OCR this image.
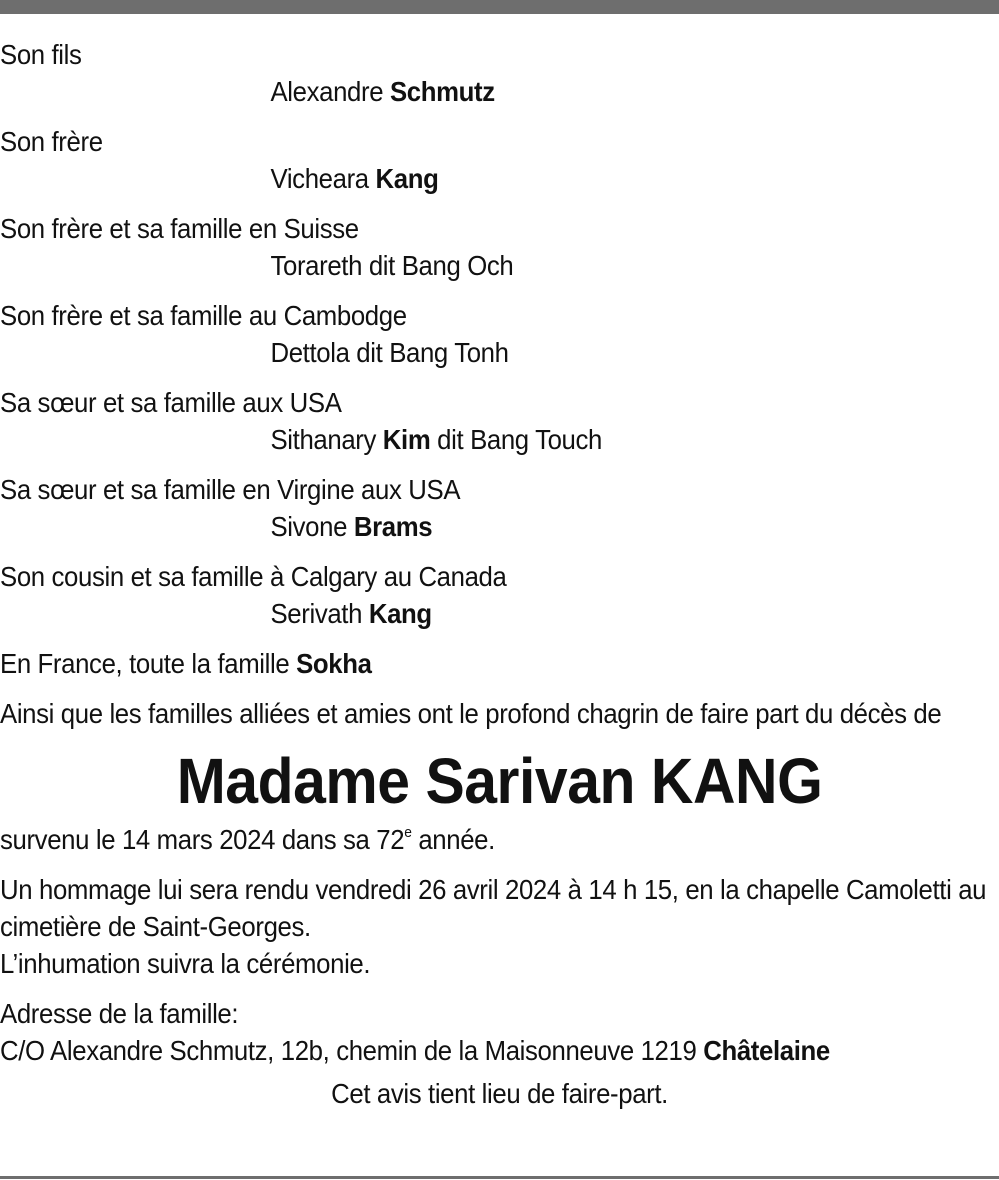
Son fils
Alexandre Schmutz
Son frère
Vicheara Kang
Son frère et sa famille en Suisse
Torareth dit Bang Och
Son frère et sa famille au Cambodge
Dettola dit Bang Tonh
Sa sœur et sa famille aux USA
Sithanary Kim dit Bang Touch
Sa sœur et sa famille en Virgine aux USA
Sivone Brams
Son cousin et sa famille à Calgary au Canada
Serivath Kang

En France, toute la famille Sokha

Ainsi que les familles alliées et amies ont le profond chagrin de faire part du décès de

Madame Sarivan KANG

survenu le 14 mars 2024 dans sa 72e année.

Un hommage lui sera rendu vendredi 26 avril 2024 à 14 h 15, en la chapelle Camoletti au cimetière de Saint-Georges.
L’inhumation suivra la cérémonie.

Adresse de la famille:
C/O Alexandre Schmutz, 12b, chemin de la Maisonneuve 1219 Châtelaine

Cet avis tient lieu de faire-part.
